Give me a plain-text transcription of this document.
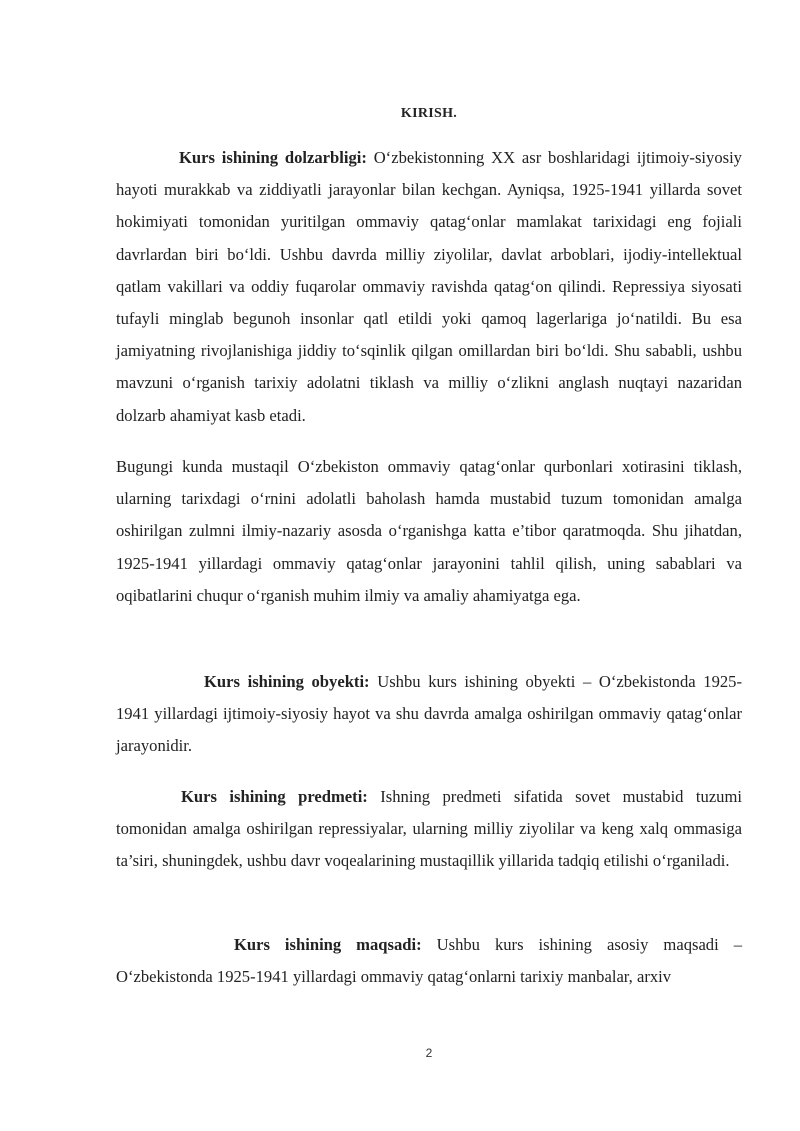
KIRISH.

Kurs ishining dolzarbligi: O‘zbekistonning XX asr boshlaridagi ijtimoiy-siyosiy hayoti murakkab va ziddiyatli jarayonlar bilan kechgan. Ayniqsa, 1925-1941 yillarda sovet hokimiyati tomonidan yuritilgan ommaviy qatag‘onlar mamlakat tarixidagi eng fojiali davrlardan biri bo‘ldi. Ushbu davrda milliy ziyolilar, davlat arboblari, ijodiy-intellektual qatlam vakillari va oddiy fuqarolar ommaviy ravishda qatag‘on qilindi. Repressiya siyosati tufayli minglab begunoh insonlar qatl etildi yoki qamoq lagerlariga jo‘natildi. Bu esa jamiyatning rivojlanishiga jiddiy to‘sqinlik qilgan omillardan biri bo‘ldi. Shu sababli, ushbu mavzuni o‘rganish tarixiy adolatni tiklash va milliy o‘zlikni anglash nuqtayi nazaridan dolzarb ahamiyat kasb etadi.

Bugungi kunda mustaqil O‘zbekiston ommaviy qatag‘onlar qurbonlari xotirasini tiklash, ularning tarixdagi o‘rnini adolatli baholash hamda mustabid tuzum tomonidan amalga oshirilgan zulmni ilmiy-nazariy asosda o‘rganishga katta e’tibor qaratmoqda. Shu jihatdan, 1925-1941 yillardagi ommaviy qatag‘onlar jarayonini tahlil qilish, uning sabablari va oqibatlarini chuqur o‘rganish muhim ilmiy va amaliy ahamiyatga ega.

Kurs ishining obyekti: Ushbu kurs ishining obyekti – O‘zbekistonda 1925-1941 yillardagi ijtimoiy-siyosiy hayot va shu davrda amalga oshirilgan ommaviy qatag‘onlar jarayonidir.

Kurs ishining predmeti: Ishning predmeti sifatida sovet mustabid tuzumi tomonidan amalga oshirilgan repressiyalar, ularning milliy ziyolilar va keng xalq ommasiga ta’siri, shuningdek, ushbu davr voqealarining mustaqillik yillarida tadqiq etilishi o‘rganiladi.

Kurs ishining maqsadi: Ushbu kurs ishining asosiy maqsadi – O‘zbekistonda 1925-1941 yillardagi ommaviy qatag‘onlarni tarixiy manbalar, arxiv

2
